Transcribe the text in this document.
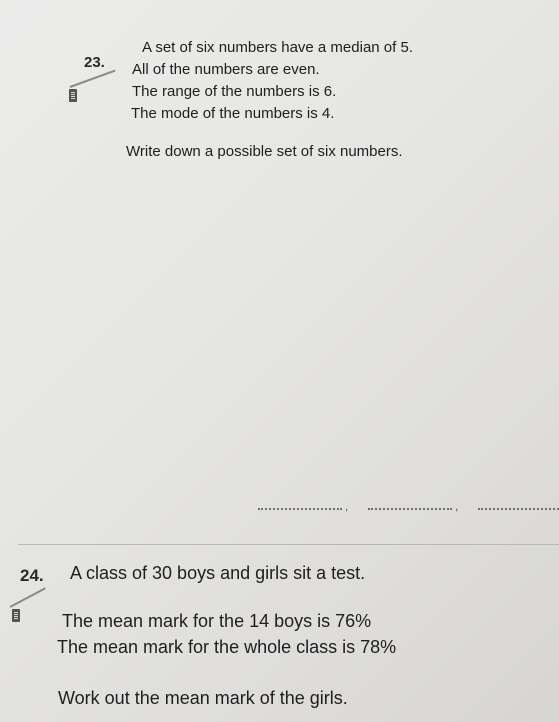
23.
A set of six numbers have a median of 5.
All of the numbers are even.
The range of the numbers is 6.
The mode of the numbers is 4.
Write down a possible set of six numbers.
,	,
24. A class of 30 boys and girls sit a test.
The mean mark for the 14 boys is 76%
The mean mark for the whole class is 78%
Work out the mean mark of the girls.
